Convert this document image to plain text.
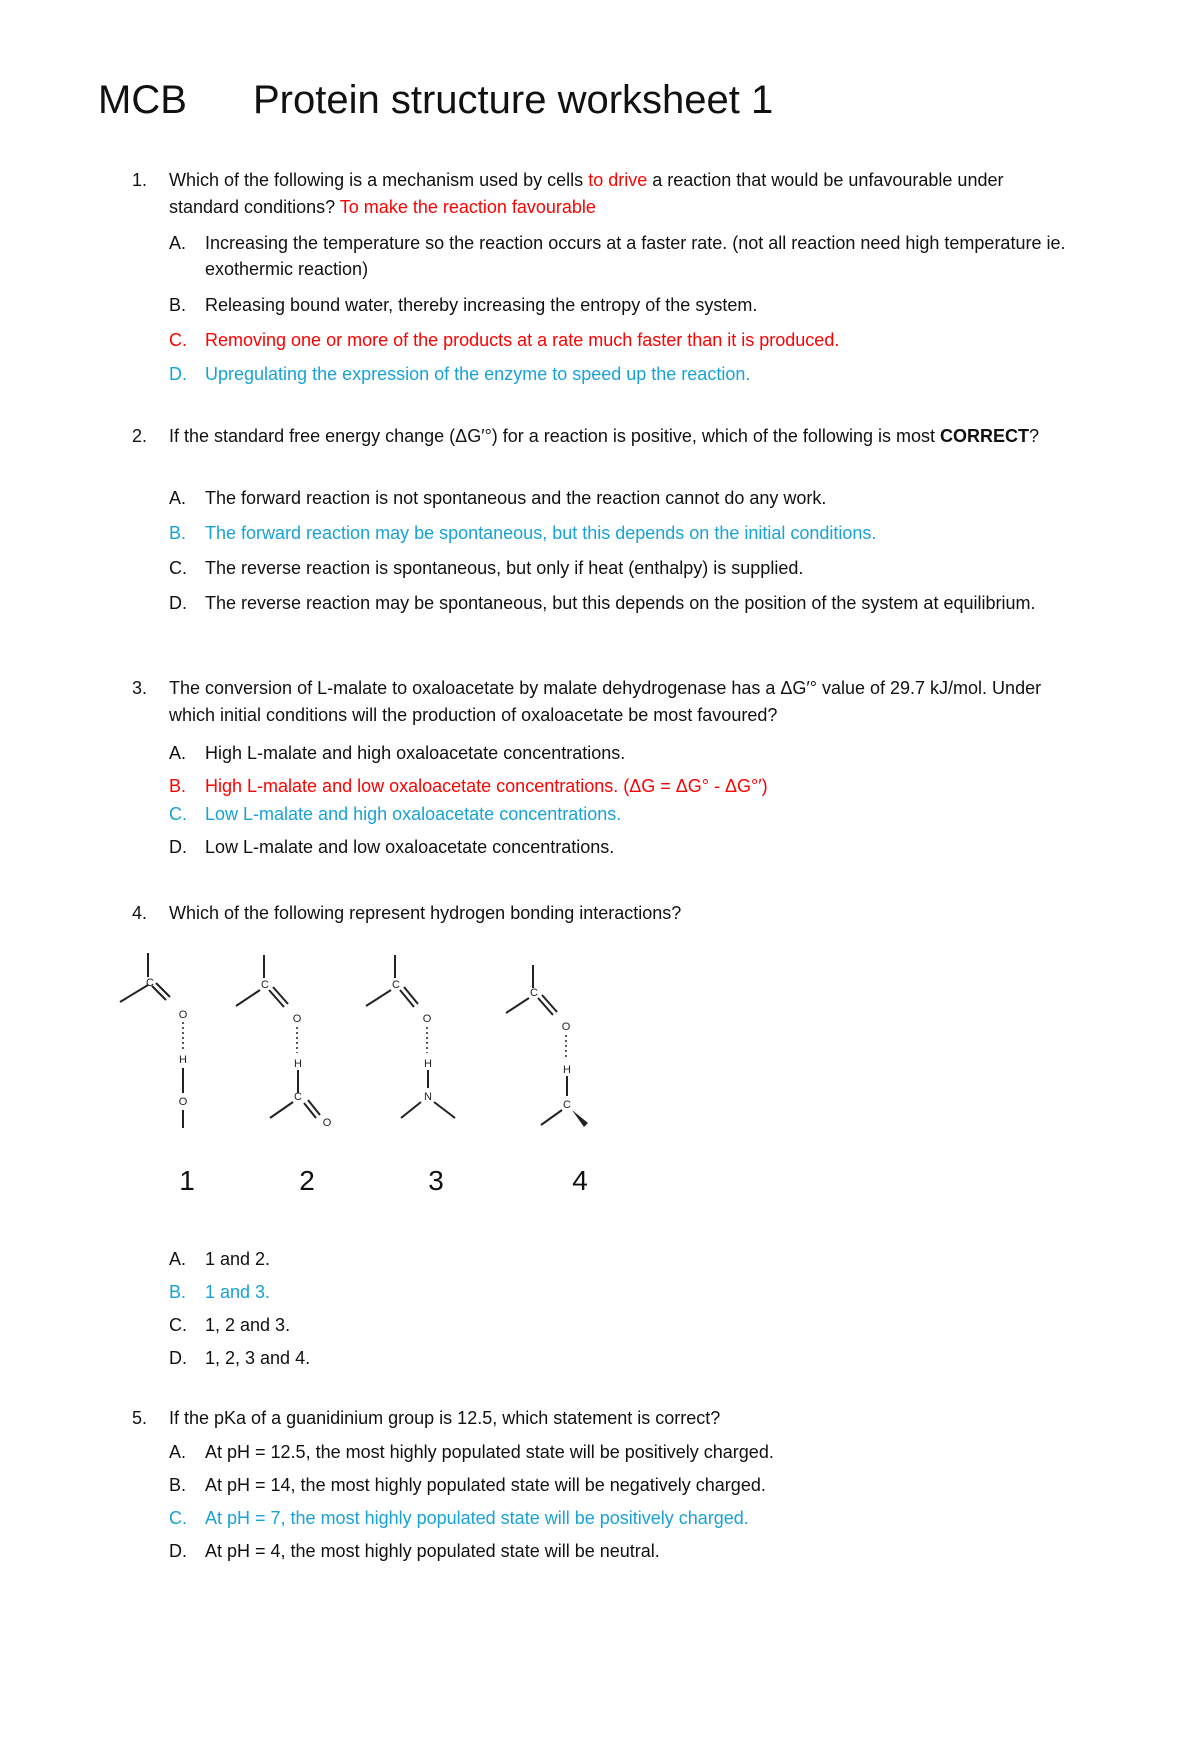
MCB Protein structure worksheet 1
1.	Which of the following is a mechanism used by cells to drive a reaction that would be unfavourable under standard conditions? To make the reaction favourable
A.	Increasing the temperature so the reaction occurs at a faster rate. (not all reaction need high temperature ie. exothermic reaction)
B.	Releasing bound water, thereby increasing the entropy of the system.
C.	Removing one or more of the products at a rate much faster than it is produced.
D.	Upregulating the expression of the enzyme to speed up the reaction.
2.	If the standard free energy change (ΔG′°) for a reaction is positive, which of the following is most CORRECT?
A.	The forward reaction is not spontaneous and the reaction cannot do any work.
B.	The forward reaction may be spontaneous, but this depends on the initial conditions.
C.	The reverse reaction is spontaneous, but only if heat (enthalpy) is supplied.
D.	The reverse reaction may be spontaneous, but this depends on the position of the system at equilibrium.
3.	The conversion of L-malate to oxaloacetate by malate dehydrogenase has a ΔG′° value of 29.7 kJ/mol. Under which initial conditions will the production of oxaloacetate be most favoured?
A.	High L-malate and high oxaloacetate concentrations.
B.	High L-malate and low oxaloacetate concentrations. (ΔG = ΔG° - ΔG°′)
C.	Low L-malate and high oxaloacetate concentrations.
D.	Low L-malate and low oxaloacetate concentrations.
4.	Which of the following represent hydrogen bonding interactions?
C
O
H
O
C
O
H
C
O
C
O
H
N
C
O
H
C
1	2	3	4
A.	1 and 2.
B.	1 and 3.
C.	1, 2 and 3.
D.	1, 2, 3 and 4.
5.	If the pKa of a guanidinium group is 12.5, which statement is correct?
A.	At pH = 12.5, the most highly populated state will be positively charged.
B.	At pH = 14, the most highly populated state will be negatively charged.
C.	At pH = 7, the most highly populated state will be positively charged.
D.	At pH = 4, the most highly populated state will be neutral.
